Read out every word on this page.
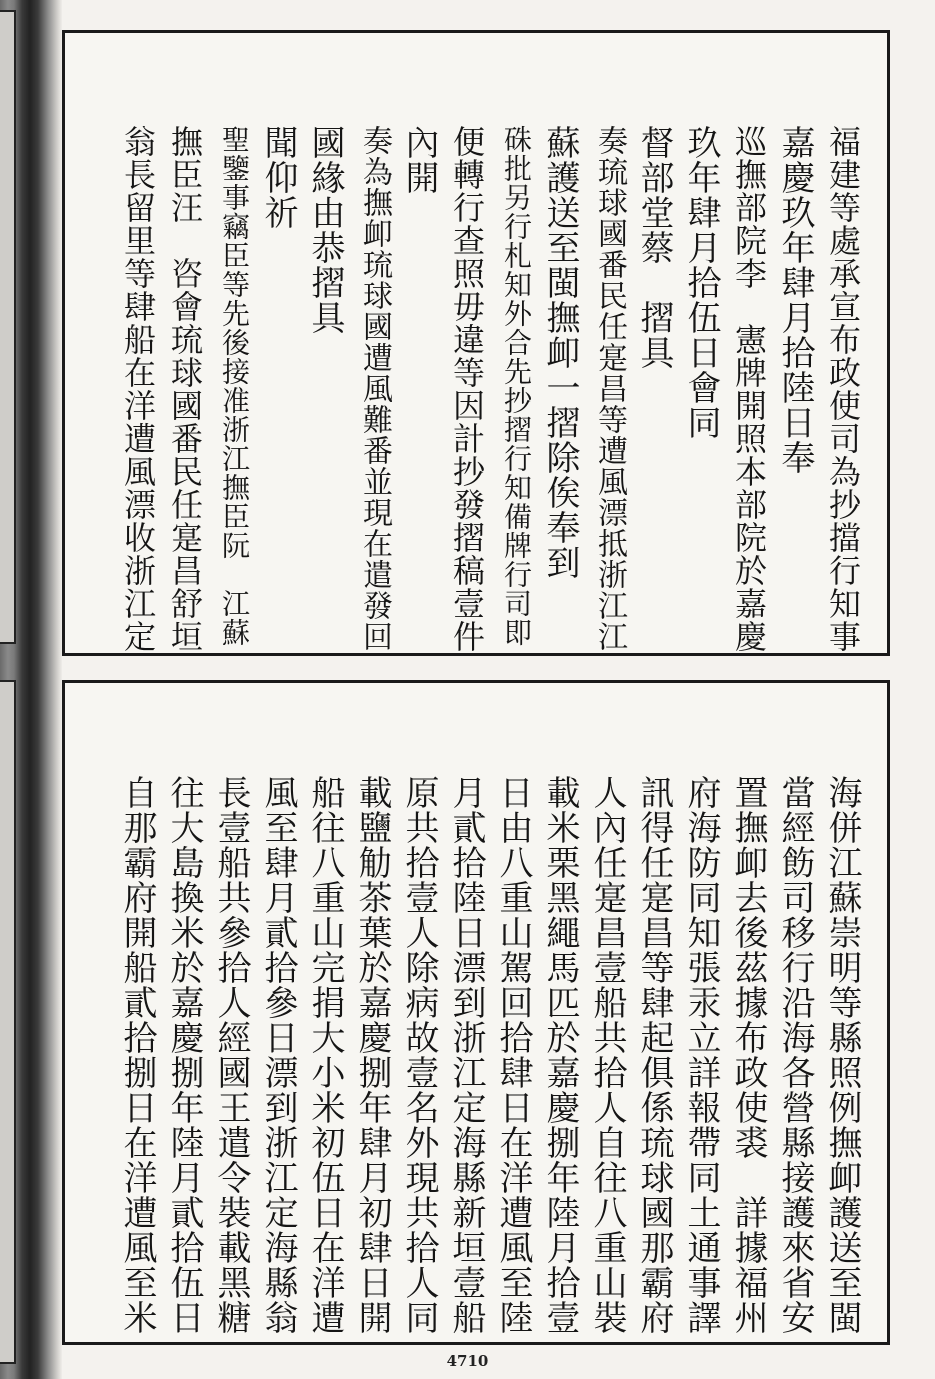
福建等處承宣布政使司為抄擋行知事
嘉慶玖年肆月拾陸日奉
巡撫部院李　憲牌開照本部院於嘉慶
玖年肆月拾伍日會同
督部堂蔡　摺具
奏琉球國番民任寔昌等遭風漂抵浙江江
蘇護送至閩撫卹一摺除俟奉到
硃批另行札知外合先抄摺行知備牌行司即
便轉行查照毋違等因計抄發摺稿壹件
內開
奏為撫卹琉球國遭風難番並現在遣發回
國緣由恭摺具
聞仰祈
聖鑒事竊臣等先後接准浙江撫臣阮　江蘇
撫臣汪　咨會琉球國番民任寔昌舒垣
翁長留里等肆船在洋遭風漂收浙江定
海併江蘇崇明等縣照例撫卹護送至閩
當經飭司移行沿海各營縣接護來省安
置撫卹去後茲據布政使裘　詳據福州
府海防同知張汞立詳報帶同土通事譯
訊得任寔昌等肆起俱係琉球國那霸府
人內任寔昌壹船共拾人自往八重山裝
載米栗黑繩馬匹於嘉慶捌年陸月拾壹
日由八重山駕回拾肆日在洋遭風至陸
月貳拾陸日漂到浙江定海縣新垣壹船
原共拾壹人除病故壹名外現共拾人同
載鹽觔茶葉於嘉慶捌年肆月初肆日開
船往八重山完捐大小米初伍日在洋遭
風至肆月貳拾參日漂到浙江定海縣翁
長壹船共參拾人經國王遣令裝載黑糖
往大島換米於嘉慶捌年陸月貳拾伍日
自那霸府開船貳拾捌日在洋遭風至米
4710
